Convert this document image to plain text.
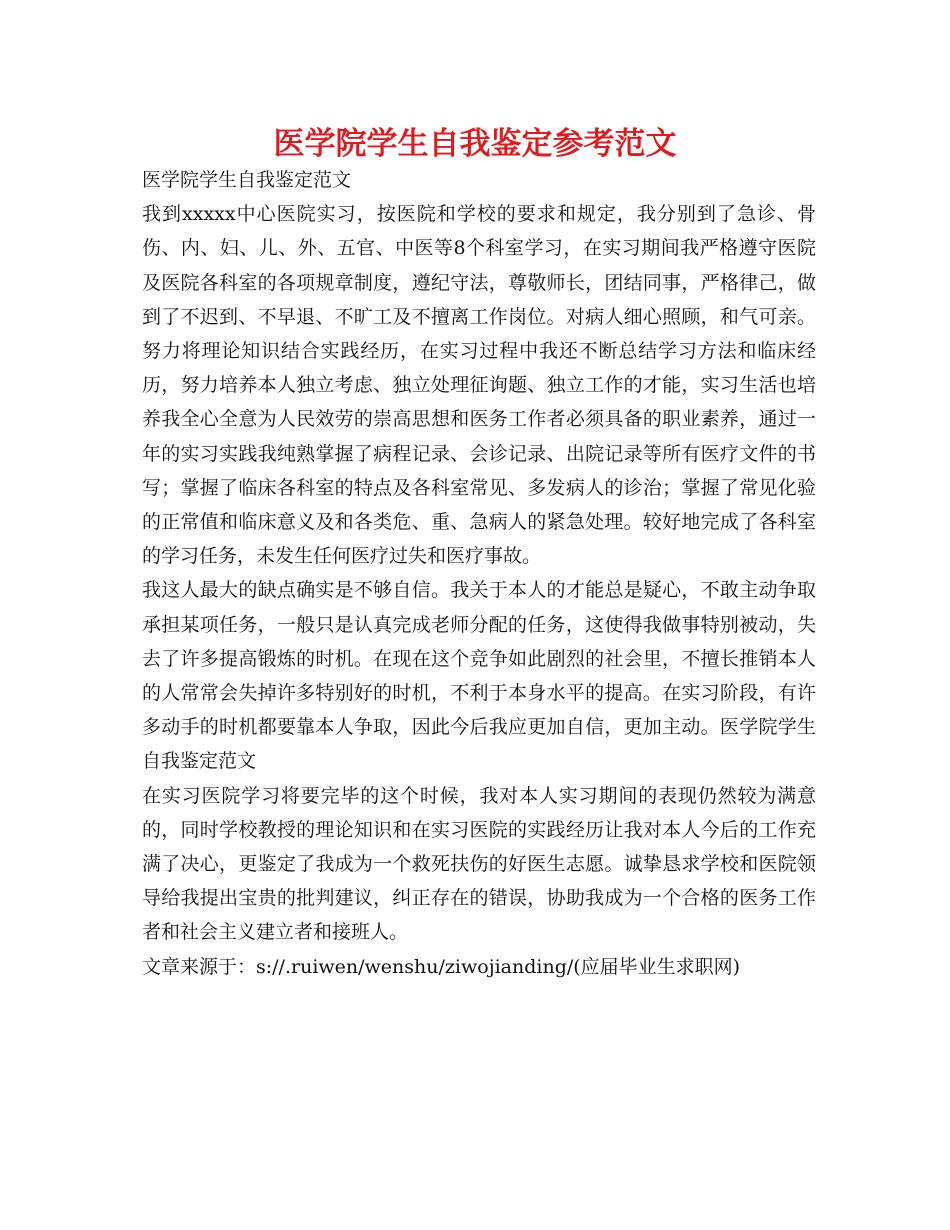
医学院学生自我鉴定参考范文

医学院学生自我鉴定范文

我到xxxxx中心医院实习，按医院和学校的要求和规定，我分别到了急诊、骨伤、内、妇、儿、外、五官、中医等8个科室学习，在实习期间我严格遵守医院及医院各科室的各项规章制度，遵纪守法，尊敬师长，团结同事，严格律己，做到了不迟到、不早退、不旷工及不擅离工作岗位。对病人细心照顾，和气可亲。努力将理论知识结合实践经历，在实习过程中我还不断总结学习方法和临床经历，努力培养本人独立考虑、独立处理征询题、独立工作的才能，实习生活也培养我全心全意为人民效劳的崇高思想和医务工作者必须具备的职业素养，通过一年的实习实践我纯熟掌握了病程记录、会诊记录、出院记录等所有医疗文件的书写；掌握了临床各科室的特点及各科室常见、多发病人的诊治；掌握了常见化验的正常值和临床意义及和各类危、重、急病人的紧急处理。较好地完成了各科室的学习任务，未发生任何医疗过失和医疗事故。

我这人最大的缺点确实是不够自信。我关于本人的才能总是疑心，不敢主动争取承担某项任务，一般只是认真完成老师分配的任务，这使得我做事特别被动，失去了许多提高锻炼的时机。在现在这个竞争如此剧烈的社会里，不擅长推销本人的人常常会失掉许多特别好的时机，不利于本身水平的提高。在实习阶段，有许多动手的时机都要靠本人争取，因此今后我应更加自信，更加主动。医学院学生自我鉴定范文

在实习医院学习将要完毕的这个时候，我对本人实习期间的表现仍然较为满意的，同时学校教授的理论知识和在实习医院的实践经历让我对本人今后的工作充满了决心，更鉴定了我成为一个救死扶伤的好医生志愿。诚挚恳求学校和医院领导给我提出宝贵的批判建议，纠正存在的错误，协助我成为一个合格的医务工作者和社会主义建立者和接班人。

文章来源于：s://.ruiwen/wenshu/ziwojianding/(应届毕业生求职网)
